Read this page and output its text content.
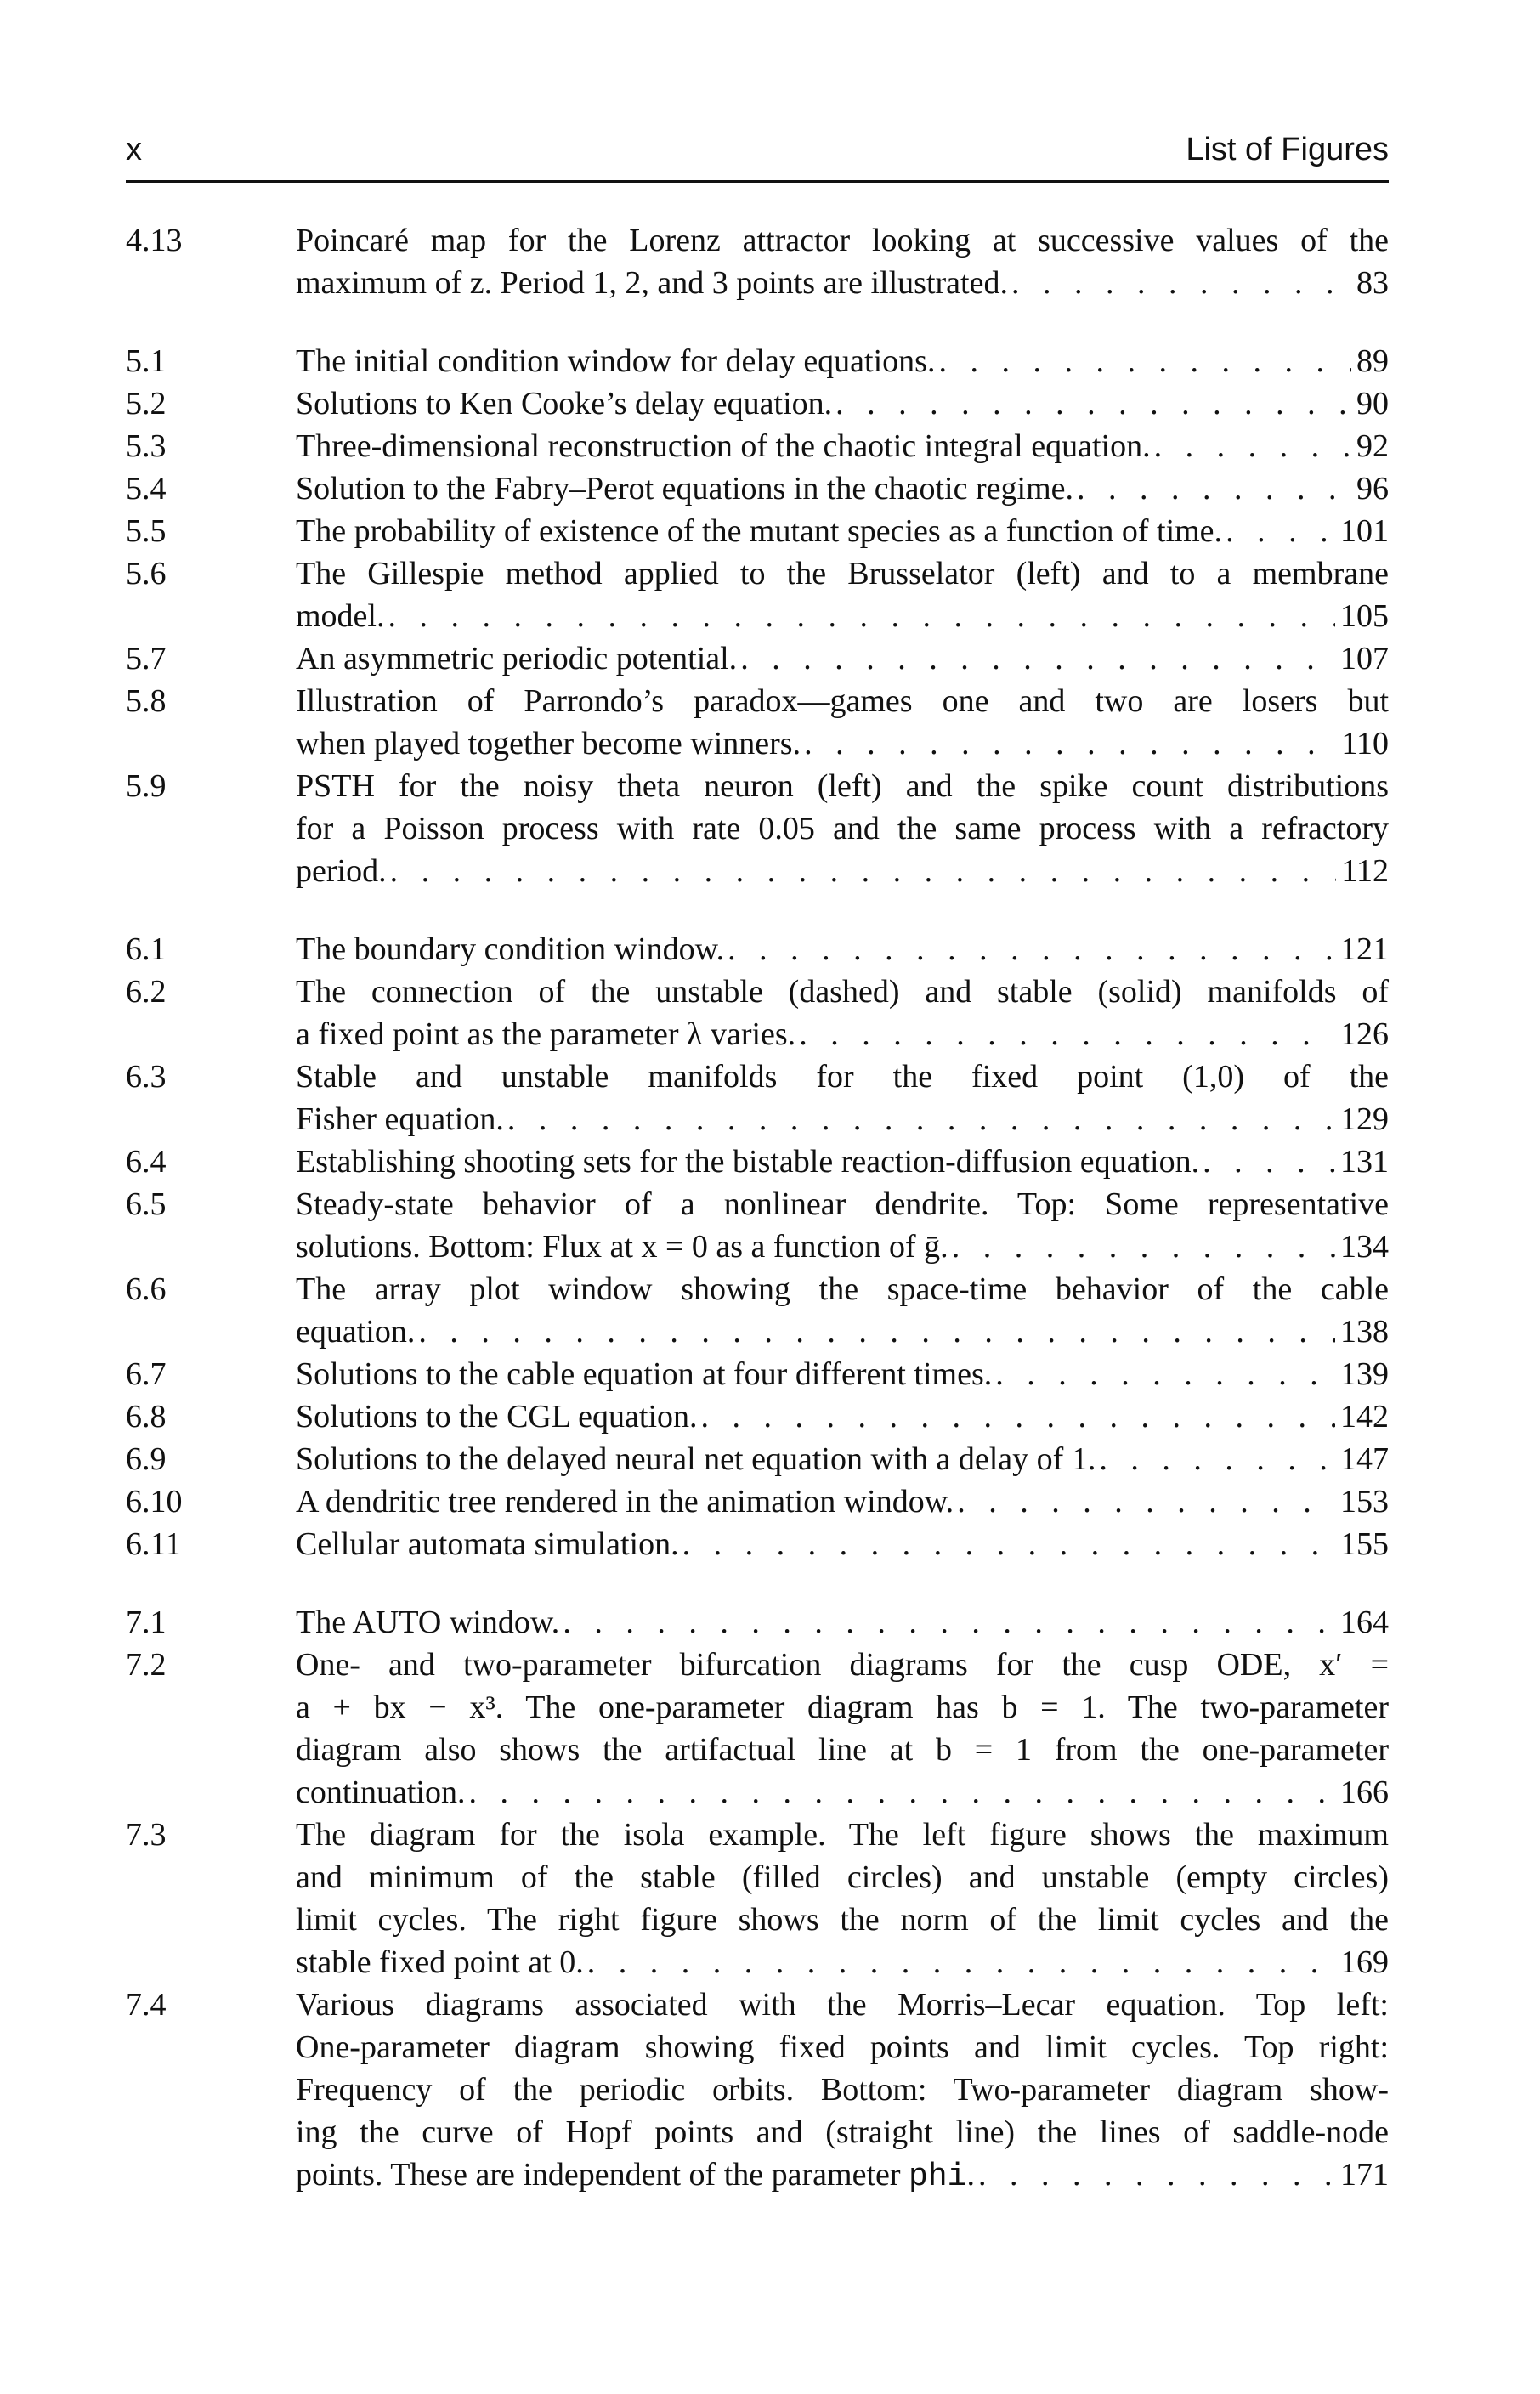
x	List of Figures
4.13	Poincaré map for the Lorenz attractor looking at successive values of the
maximum of z. Period 1, 2, and 3 points are illustrated. . . .	83
5.1	The initial condition window for delay equations. . . .	89
5.2	Solutions to Ken Cooke’s delay equation. . . .	90
5.3	Three-dimensional reconstruction of the chaotic integral equation. . . .	92
5.4	Solution to the Fabry–Perot equations in the chaotic regime. . . .	96
5.5	The probability of existence of the mutant species as a function of time. . . .	101
5.6	The Gillespie method applied to the Brusselator (left) and to a membrane
model. . . .	105
5.7	An asymmetric periodic potential. . . .	107
5.8	Illustration of Parrondo’s paradox—games one and two are losers but
when played together become winners. . . .	110
5.9	PSTH for the noisy theta neuron (left) and the spike count distributions
for a Poisson process with rate 0.05 and the same process with a refractory
period. . . .	112
6.1	The boundary condition window. . . .	121
6.2	The connection of the unstable (dashed) and stable (solid) manifolds of
a fixed point as the parameter λ varies. . . .	126
6.3	Stable and unstable manifolds for the fixed point (1,0) of the
Fisher equation. . . .	129
6.4	Establishing shooting sets for the bistable reaction-diffusion equation. . . .	131
6.5	Steady-state behavior of a nonlinear dendrite. Top: Some representative
solutions. Bottom: Flux at x = 0 as a function of ḡ. . . .	134
6.6	The array plot window showing the space-time behavior of the cable
equation. . . .	138
6.7	Solutions to the cable equation at four different times. . . .	139
6.8	Solutions to the CGL equation. . . .	142
6.9	Solutions to the delayed neural net equation with a delay of 1. . . .	147
6.10	A dendritic tree rendered in the animation window. . . .	153
6.11	Cellular automata simulation. . . .	155
7.1	The AUTO window. . . .	164
7.2	One- and two-parameter bifurcation diagrams for the cusp ODE, x′ =
a + bx − x³. The one-parameter diagram has b = 1. The two-parameter
diagram also shows the artifactual line at b = 1 from the one-parameter
continuation. . . .	166
7.3	The diagram for the isola example. The left figure shows the maximum
and minimum of the stable (filled circles) and unstable (empty circles)
limit cycles. The right figure shows the norm of the limit cycles and the
stable fixed point at 0. . . .	169
7.4	Various diagrams associated with the Morris–Lecar equation. Top left:
One-parameter diagram showing fixed points and limit cycles. Top right:
Frequency of the periodic orbits. Bottom: Two-parameter diagram show-
ing the curve of Hopf points and (straight line) the lines of saddle-node
points. These are independent of the parameter phi. . . .	171
